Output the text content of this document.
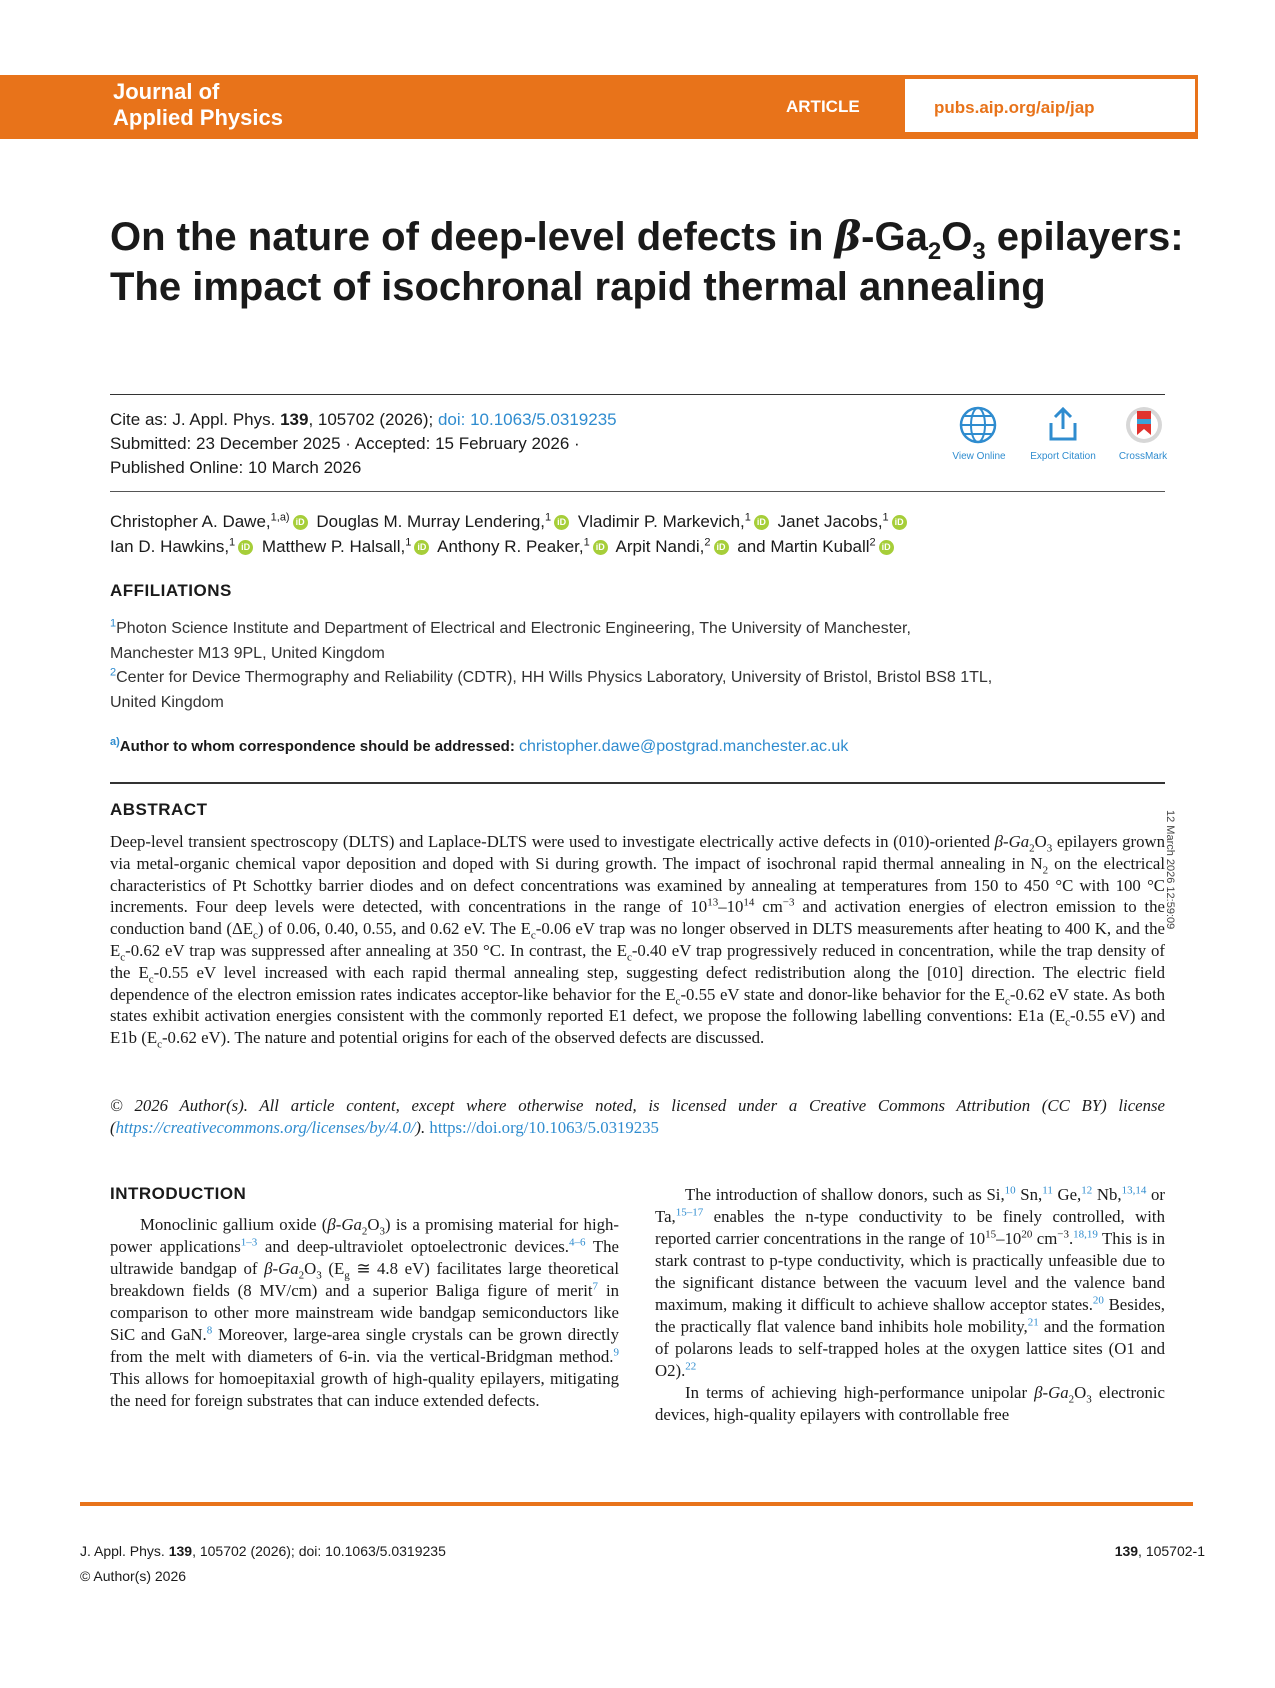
Journal of
Applied Physics	ARTICLE	pubs.aip.org/aip/jap
On the nature of deep-level defects in $\beta-Ga_2O_3$ epilayers: The impact of isochronal rapid thermal annealing
Cite as: J. Appl. Phys. 139, 105702 (2026); doi: 10.1063/5.0319235
Submitted: 23 December 2025 · Accepted: 15 February 2026 ·
Published Online: 10 March 2026
View Online	Export Citation	CrossMark
Christopher A. Dawe,$^{1,a)}$ iD Douglas M. Murray Lendering,$^1$ iD Vladimir P. Markevich,$^1$ iD Janet Jacobs,$^1$ iD
Ian D. Hawkins,$^1$ iD Matthew P. Halsall,$^1$ iD Anthony R. Peaker,$^1$ iD Arpit Nandi,$^2$ iD and Martin Kuball$^2$ iD
AFFILIATIONS
$^1$Photon Science Institute and Department of Electrical and Electronic Engineering, The University of Manchester,
Manchester M13 9PL, United Kingdom
$^2$Center for Device Thermography and Reliability (CDTR), HH Wills Physics Laboratory, University of Bristol, Bristol BS8 1TL,
United Kingdom
$^{a)}$Author to whom correspondence should be addressed: christopher.dawe@postgrad.manchester.ac.uk
ABSTRACT
Deep-level transient spectroscopy (DLTS) and Laplace-DLTS were used to investigate electrically active defects in (010)-oriented $\beta-Ga_2O_3$ epilayers grown via metal-organic chemical vapor deposition and doped with Si during growth. The impact of isochronal rapid thermal annealing in $N_2$ on the electrical characteristics of Pt Schottky barrier diodes and on defect concentrations was examined by annealing at temperatures from 150 to 450 °C with 100 °C increments. Four deep levels were detected, with concentrations in the range of $10^{13}-10^{14}$ $cm^{-3}$ and activation energies of electron emission to the conduction band $(\Delta E_c)$ of 0.06, 0.40, 0.55, and 0.62 eV. The $E_c-0.06$ eV trap was no longer observed in DLTS measurements after heating to 400 K, and the $E_c-0.62$ eV trap was suppressed after annealing at 350 °C. In contrast, the $E_c-0.40$ eV trap progressively reduced in concentration, while the trap density of the $E_c-0.55$ eV level increased with each rapid thermal annealing step, suggesting defect redistribution along the [010] direction. The electric field dependence of the electron emission rates indicates acceptor-like behavior for the $E_c-0.55$ eV state and donor-like behavior for the $E_c-0.62$ eV state. As both states exhibit activation energies consistent with the commonly reported E1 defect, we propose the following labelling conventions: E1a ($E_c-0.55$ eV) and E1b ($E_c-0.62$ eV). The nature and potential origins for each of the observed defects are discussed.
© 2026 Author(s). All article content, except where otherwise noted, is licensed under a Creative Commons Attribution (CC BY) license (https://creativecommons.org/licenses/by/4.0/). https://doi.org/10.1063/5.0319235
12 March 2026 12:59:09
INTRODUCTION

Monoclinic gallium oxide $(\beta-Ga_2O_3)$ is a promising material for high-power applications$^{1-3}$ and deep-ultraviolet optoelectronic devices.$^{4-6}$ The ultrawide bandgap of $\beta-Ga_2O_3$ ($E_g$ ≅ 4.8 eV) facilitates large theoretical breakdown fields (8 MV/cm) and a superior Baliga figure of merit$^7$ in comparison to other more mainstream wide bandgap semiconductors like SiC and GaN.$^8$ Moreover, large-area single crystals can be grown directly from the melt with diameters of 6-in. via the vertical-Bridgman method.$^9$ This allows for homoepitaxial growth of high-quality epilayers, mitigating the need for foreign substrates that can induce extended defects.

The introduction of shallow donors, such as Si,$^{10}$ Sn,$^{11}$ Ge,$^{12}$ Nb,$^{13,14}$ or Ta,$^{15-17}$ enables the n-type conductivity to be finely controlled, with reported carrier concentrations in the range of $10^{15}-10^{20}$ $cm^{-3}.^{18,19}$ This is in stark contrast to p-type conductivity, which is practically unfeasible due to the significant distance between the vacuum level and the valence band maximum, making it difficult to achieve shallow acceptor states.$^{20}$ Besides, the practically flat valence band inhibits hole mobility,$^{21}$ and the formation of polarons leads to self-trapped holes at the oxygen lattice sites (O1 and O2).$^{22}$

In terms of achieving high-performance unipolar $\beta-Ga_2O_3$ electronic devices, high-quality epilayers with controllable free

J. Appl. Phys. 139, 105702 (2026); doi: 10.1063/5.0319235	139, 105702-1
© Author(s) 2026
